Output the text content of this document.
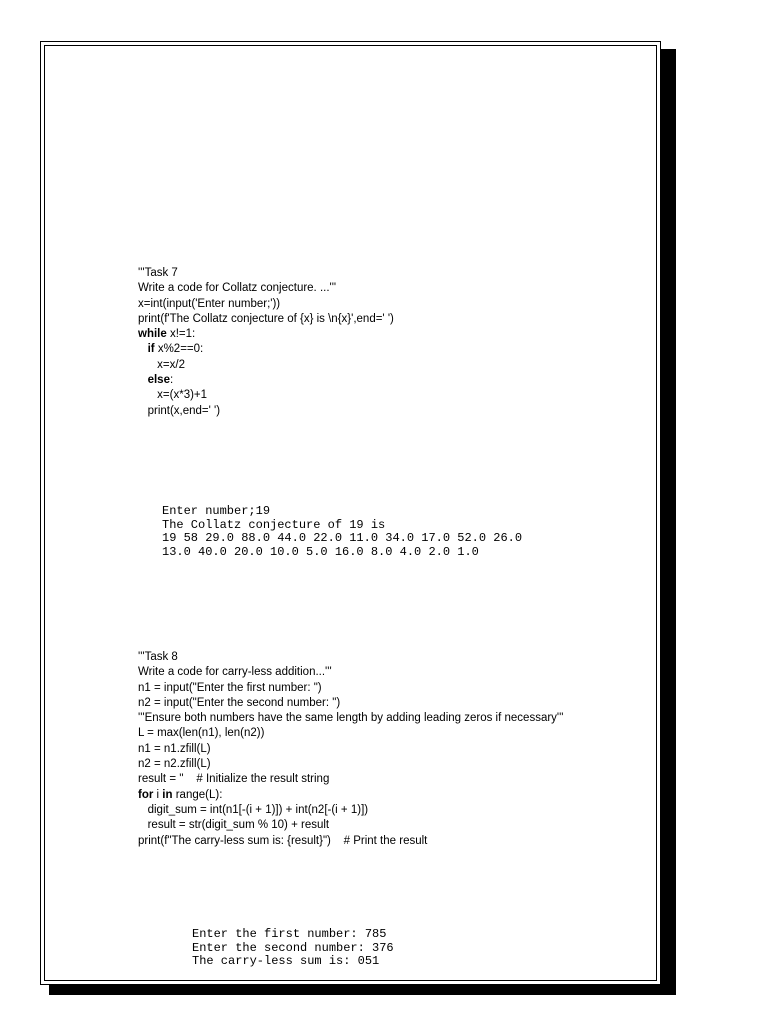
'''Task 7
Write a code for Collatz conjecture. ...'''
x=int(input('Enter number;'))
print(f'The Collatz conjecture of {x} is \n{x}',end=' ')
while x!=1:
if x%2==0:
x=x/2
else:
x=(x*3)+1
print(x,end=' ')
Enter number;19
The Collatz conjecture of 19 is
19 58 29.0 88.0 44.0 22.0 11.0 34.0 17.0 52.0 26.0
13.0 40.0 20.0 10.0 5.0 16.0 8.0 4.0 2.0 1.0
'''Task 8
Write a code for carry-less addition...'''
n1 = input("Enter the first number: ")
n2 = input("Enter the second number: ")
'''Ensure both numbers have the same length by adding leading zeros if necessary'''
L = max(len(n1), len(n2))
n1 = n1.zfill(L)
n2 = n2.zfill(L)
result = ''    # Initialize the result string
for i in range(L):
digit_sum = int(n1[-(i + 1)]) + int(n2[-(i + 1)])
result = str(digit_sum % 10) + result
print(f"The carry-less sum is: {result}")    # Print the result
Enter the first number: 785
Enter the second number: 376
The carry-less sum is: 051
